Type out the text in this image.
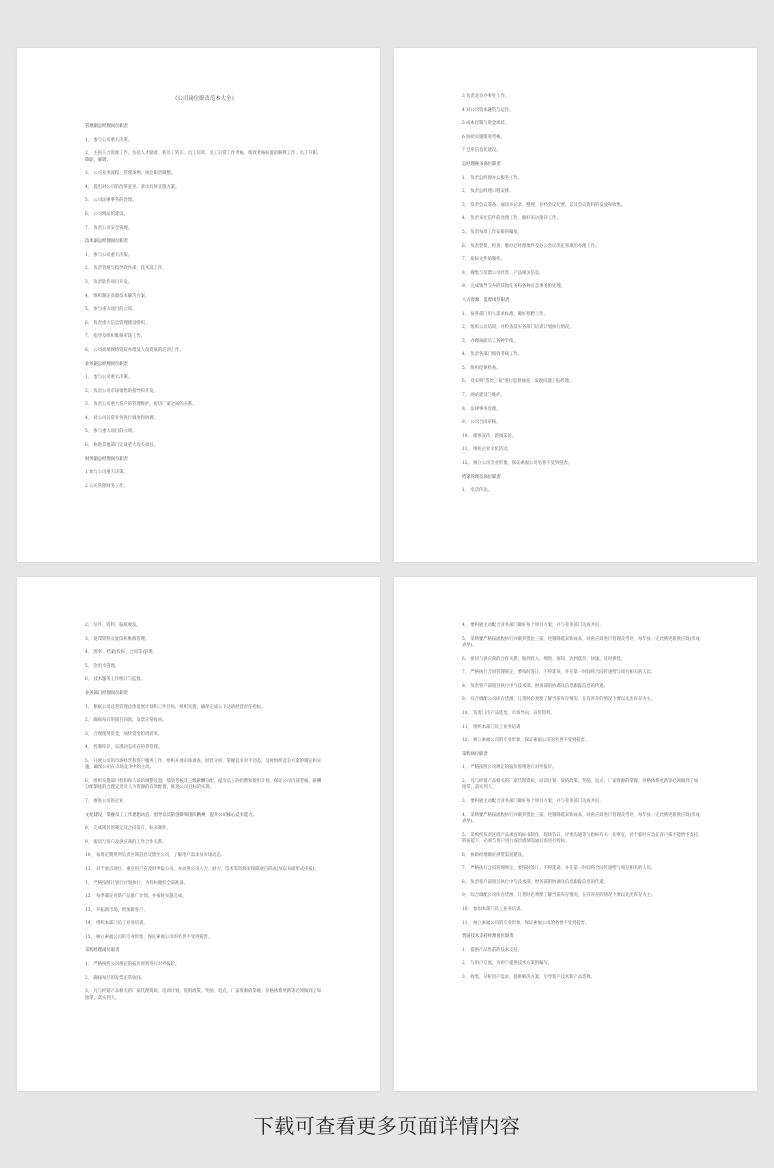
《公司岗位职责范本大全》
管理副总经理岗位职责
1、 参与公司重大决策。
2、 主抓人力资源工作，包括人才储备、新员工转正、员工培训、员工日常工作考核、绩效考核标准的解释工作、员工升职、降职、解聘。
3、 公司业务流程、管理条例、岗位职责调整。
4、 提出对公司的改革意见，拿出具体实施方案。
5、 公司法律事务的处理。
6、 公司网站的建设。
7、 负责公司安全管理。
技术副总经理岗位职责
1、 参与公司重大决策。
2、 负责管理与指导软件部、技术部工作。
3、 负责软件项目开发。
4、 组织制定高端技术解决方案。
5、 参与重大项目的立项。
6、 负责重大信息管理建设组织。
7、 指导及组织维修市场工作。
8、 公司高端网络资质办理及人员资质的培训工作。
业务副总经理岗位职责
1、 参与公司重大决策。
2、 负责公司市场销售的指导和开发。
3、 负责公司重大客户的管理维护，密切厂家之间的关系。
4、 对公司日常业务进行调度和协调。
5、 参与重大项目的立项。
6、 协助其他部门完成重大攻关项目。
财务副总经理岗位职责
1 参与公司重大决策。
2 公司管理财务工作。
3 负责北京办事处工作。
4 对公司资本融资与运作。
5 成本控制与资金周转。
6 协助实施绩效考核。
7 仓库信息化建设。
总经理秘书岗位职责
1、 负责总经理办公服务工作。
2、 负责总经理日程安排。
3、 负责会议筹备、通知并记录、整理、存档会议纪要，以及会议资料的发放和收集。
4、 负责来往信件的处理工作，做好来访接待工作。
5、 负责每周工作安排的编发。
6、 负责督促、检查、催办总经理批件及办公会议决定事项的办理工作。
7、 拟标文件的制作。
8、 搜集与反馈公司经营、产品相关信息。
9、 完成领导交办的其他任务和各种应急事务的处理。
人力资源、监督岗位职责
1、 按各部门用人需求标准，做好招聘工作。
2、 组织公司培训，并检查落实各部门培训计划执行情况。
3、 办理离职员工各种手续。
4、 负责各部门绩效考核工作。
5、 组织纪律检查。
6、 对采购"货比三家"进行监督抽查，发现问题上报经理。
7、 网站建设与维护。
8、 法律事务处理。
9、 公司合同审核。
10、 媒体宣传、新闻采访。
11、 组织企业文化活动。
12、 树立公司专业形象，保证索福公司名誉不受到侵害。
档案管理员岗位职责
1、 电话传达。
2、 信件、资料、报纸收发。
3、 复印资料及复印机维修管理。
4、 图书、档案(投标、合同等)管理。
5、 饮用水管理。
6、 技术服务工作统计与监督。
业务部门经理岗位职责
1、 根据公司总营管理总体发展计划和工作目标，组织实施，确保完成公下达的经营责任指标。
2、 确保每月的项目回款，发票正常收回。
3、 合理使用资金，加快资金的周转率。
4、 控制库存，实现动态库存的零管理。
5、 开展公司的市场经营和客户服务工作，组织开展市场调查、经营分析，掌握竞争对手动态，及时组织竞争方案的制定和实施，确保公司在市场竞争中的主动。
6、 组织实施部门机构和人员的调整设置，绩效考核及三级薪酬分配，提出员工的招聘和使用计划，保证公司内部考核、薪酬分配制度的合理完善及人力资源的有效配置，推进公司目标的实现。
7、 推进公司的企业
文化建设，掌握员工工作思想动态，倡导以员的创新和团队精神，提升公司核心竞争能力。
8、 完成项目的制定及合同签订，标书制作。
9、 密切与客户及供应商的工作合作关系。
10、 每周定期将所负责区域信息反馈至公司，了解用户需求及市场动态。
11、 对于重点项目、重点用户应及时申报公司，并动用公司人力、财力、技术等资源来保障项目的成功(以书面形式申报)。
1、 严格按照计划行计划执行，为投标做好全部准备。
12、 每季制定对新产品推广计划，并按时实施完成。
13、 开拓新市场，增加新客户。
14、 组织本部门员工业务培训。
15、 树立索福公司的专业形象，保证索福公司的名誉不受到侵害。
采购经理岗位职责
1、 严格按照公司规定的报价原则进行对外报价。
2、 确保每月的发票正常收回。
3、 凡与经销产品相关的厂家代理资质，培训计划，促销政策、奖励、返点，厂家资源的掌握，价格体系更新等必须做到了如指掌，落实到人。
4、 要积极主动配合业务部门做好每个项目方案，并与业务部门达成共识。
5、 采购要严格按流程执行并做到货比三家，控制降低采购成本，对供应商进行管理及考评，每年按一定比例更新供应商(形成表单)。
6、 密切与供应商的合作关系，做到投入、细致、深知、达到低价、快速、及时供货。
7、 严格执行合同管理规定，要按时签订，不得延误，并在第一时间将合同传递给与项目相关的人员。
8、 负责客户部项目执行中与技术部、财务部的协调及信息跟踪信息的传递。
9、 综合调配公司库存货源，订货时必须要了解当前库存情况，在有库存的情况下要以先出库存为主。
10、 负责门市产品选型、市场导向、宣传资料。
11、 组织本部门员工业务培训
12、 树立索福公司的专业形象，保证索福公司的名誉不受到侵害。
采购岗位职责
1、 严格按照公司规定的报价原则进行对外报价。
2、 凡与经销产品相关的厂家代理资质，培训计划，促销政策，奖励，返点，厂家资源的掌握，价格体系更新等必须做到了如指掌，落实到人。
3、 要积极主动配合业务部门做好每个项目方案，并与业务部门达成共识。
4、 采购要严格按流程执行并做到货比三家，控制降低采购成本，对供应商进行管理及考评，每年按一定比例更新供应商(形成表单)。
5、 采购所负责区域产品项目的标书制作，现场答议，评委沟通等与指标有关一切事宜，对于临时应急在客户部不能给予支持的前提下，必须与用户进行深层感情沟通后再进行投标。
6、 协助经理做好供货渠道建设。
7、 严格执行合同管理规定，要按时签订，不得延误，并在第一时间将合同传递给与项目相关的人员。
8、 负责客户部项目执行中与技术部、财务部的协调及信息跟踪信息的传递。
9、 综合调配公司库存货源，订货时必须要了解当前库存情况，在有库存的情况下要以先出库存为主。
10、 参加本部门员工业务培训。
11、 树立索福公司的专业形象，保证索福公司的名誉不受到侵害。
售前技术支持经理岗位职责
1、 提供产品售前的技术支持。
2、 与用户交流，为用户提供技术方案的编写。
3、 收集、分析用户需求，提供解决方案，引导客户技术和产品选择。
下载可查看更多页面详情内容
